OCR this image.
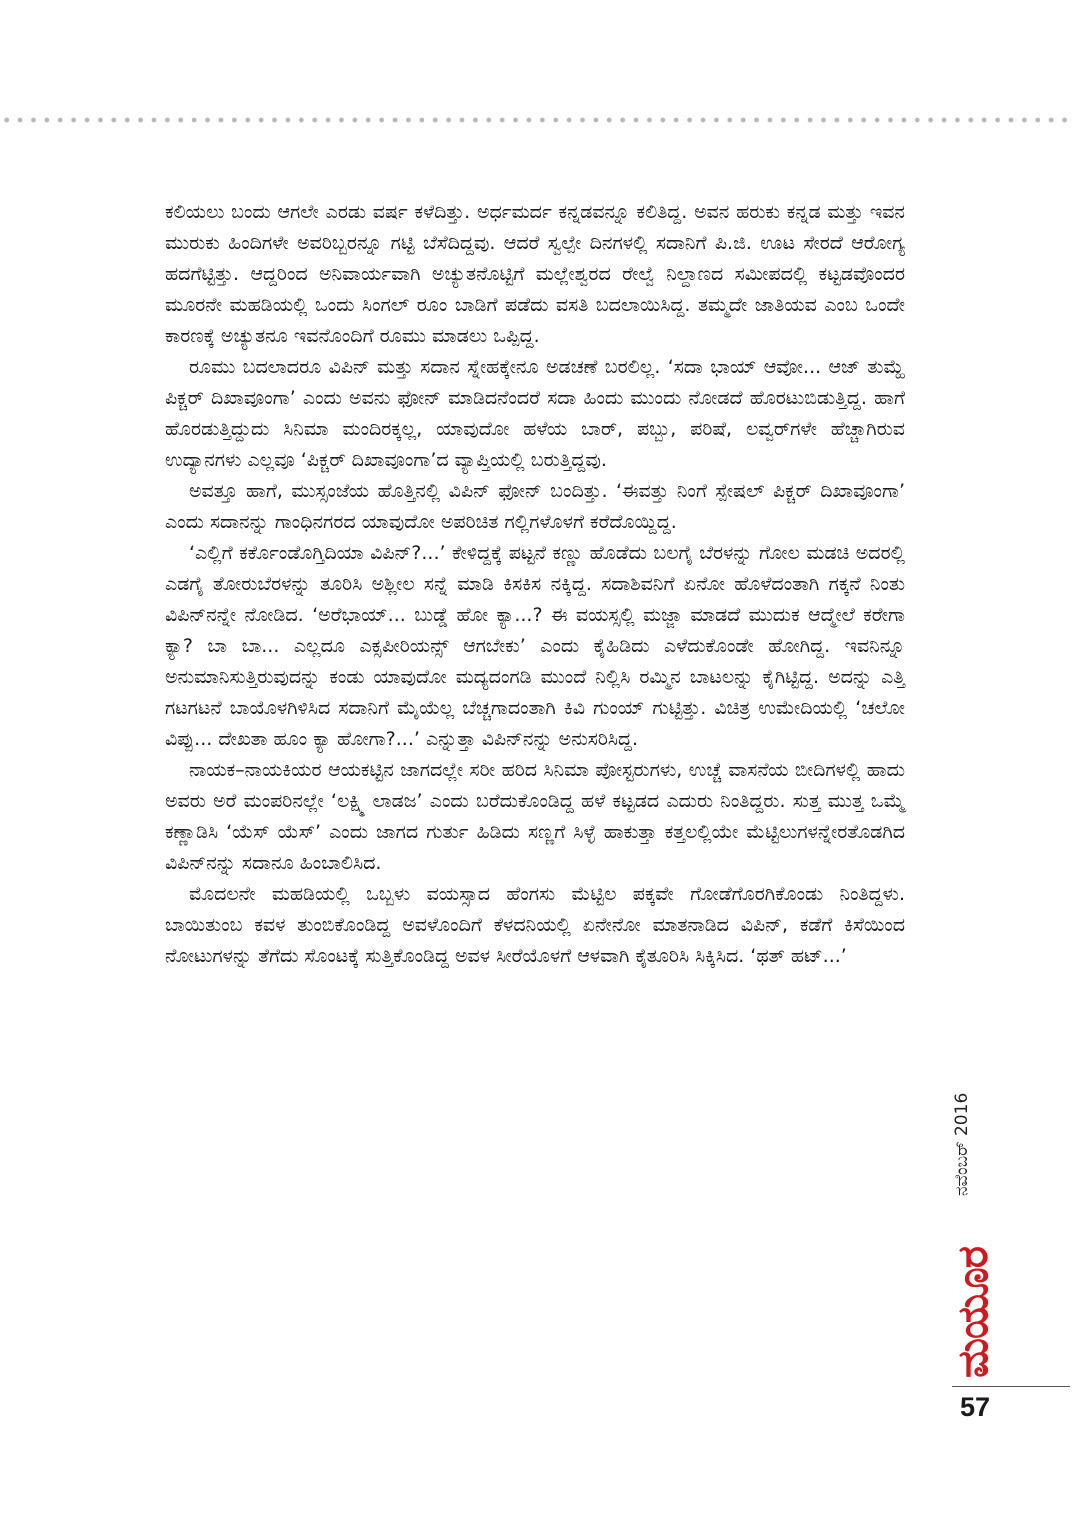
ಕಲಿಯಲು ಬಂದು ಆಗಲೇ ಎರಡು ವರ್ಷ ಕಳೆದಿತ್ತು. ಅರ್ಧಮರ್ದ ಕನ್ನಡವನ್ನೂ ಕಲಿತಿದ್ದ. ಅವನ ಹರುಕು ಕನ್ನಡ ಮತ್ತು ಇವನ ಮುರುಕು ಹಿಂದಿಗಳೇ ಅವರಿಬ್ಬರನ್ನೂ ಗಟ್ಟಿ ಬೆಸೆದಿದ್ದವು. ಆದರೆ ಸ್ವಲ್ಪೇ ದಿನಗಳಲ್ಲಿ ಸದಾನಿಗೆ ಪಿ.ಜಿ. ಊಟ ಸೇರದೆ ಆರೋಗ್ಯ ಹದಗೆಟ್ಟಿತ್ತು. ಆದ್ದರಿಂದ ಅನಿವಾರ್ಯವಾಗಿ ಅಚ್ಯುತನೊಟ್ಟಿಗೆ ಮಲ್ಲೇಶ್ವರದ ರೇಲ್ವೆ ನಿಲ್ದಾಣದ ಸಮೀಪದಲ್ಲಿ ಕಟ್ಟಡವೊಂದರ ಮೂರನೇ ಮಹಡಿಯಲ್ಲಿ ಒಂದು ಸಿಂಗಲ್ ರೂಂ ಬಾಡಿಗೆ ಪಡೆದು ವಸತಿ ಬದಲಾಯಿಸಿದ್ದ. ತಮ್ಮದೇ ಜಾತಿಯವ ಎಂಬ ಒಂದೇ ಕಾರಣಕ್ಕೆ ಅಚ್ಯುತನೂ ಇವನೊಂದಿಗೆ ರೂಮು ಮಾಡಲು ಒಪ್ಪಿದ್ದ.

ರೂಮು ಬದಲಾದರೂ ವಿಪಿನ್ ಮತ್ತು ಸದಾನ ಸ್ನೇಹಕ್ಕೇನೂ ಅಡಚಣೆ ಬರಲಿಲ್ಲ. ‘ಸದಾ ಭಾಯ್ ಆವೋ... ಆಜ್ ತುಮ್ಹೆ ಪಿಕ್ಚರ್ ದಿಖಾವೂಂಗಾ’ ಎಂದು ಅವನು ಫೋನ್ ಮಾಡಿದನೆಂದರೆ ಸದಾ ಹಿಂದು ಮುಂದು ನೋಡದೆ ಹೊರಟುಬಿಡುತ್ತಿದ್ದ. ಹಾಗೆ ಹೊರಡುತ್ತಿದ್ದುದು ಸಿನಿಮಾ ಮಂದಿರಕ್ಕಲ್ಲ, ಯಾವುದೋ ಹಳೆಯ ಬಾರ್, ಪಬ್ಬು, ಪರಿಷೆ, ಲವ್ವರ್‌ಗಳೇ ಹೆಚ್ಚಾಗಿರುವ ಉದ್ಯಾನಗಳು ಎಲ್ಲವೂ ‘ಪಿಕ್ಚರ್ ದಿಖಾವೂಂಗಾ’ದ ವ್ಯಾಪ್ತಿಯಲ್ಲಿ ಬರುತ್ತಿದ್ದವು.

ಅವತ್ತೂ ಹಾಗೆ, ಮುಸ್ಸಂಜೆಯ ಹೊತ್ತಿನಲ್ಲಿ ವಿಪಿನ್ ಫೋನ್ ಬಂದಿತ್ತು. ‘ಈವತ್ತು ನಿಂಗೆ ಸ್ಪೇಷಲ್ ಪಿಕ್ಚರ್ ದಿಖಾವೂಂಗಾ’ ಎಂದು ಸದಾನನ್ನು ಗಾಂಧಿನಗರದ ಯಾವುದೋ ಅಪರಿಚಿತ ಗಲ್ಲಿಗಳೊಳಗೆ ಕರೆದೊಯ್ದಿದ್ದ.

‘ಎಲ್ಲಿಗೆ ಕರ್ಕೊಂಡೊಗ್ತಿದಿಯಾ ವಿಪಿನ್?...’ ಕೇಳಿದ್ದಕ್ಕೆ ಪಟ್ಟನೆ ಕಣ್ಣು ಹೊಡೆದು ಬಲಗೈ ಬೆರಳನ್ನು ಗೋಲ ಮಡಚಿ ಅದರಲ್ಲಿ ಎಡಗೈ ತೋರುಬೆರಳನ್ನು ತೂರಿಸಿ ಅಶ್ಲೀಲ ಸನ್ನೆ ಮಾಡಿ ಕಿಸಕಿಸ ನಕ್ಕಿದ್ದ. ಸದಾಶಿವನಿಗೆ ಏನೋ ಹೊಳೆದಂತಾಗಿ ಗಕ್ಕನೆ ನಿಂತು ವಿಪಿನ್‌ನನ್ನೇ ನೋಡಿದ. ‘ಅರೆಭಾಯ್... ಬುಡ್ಡೆ ಹೋ ಕ್ಯಾ...? ಈ ವಯಸ್ಸಲ್ಲಿ ಮಜ್ಜಾ ಮಾಡದೆ ಮುದುಕ ಆದ್ಮೇಲೆ ಕರೇಗಾ ಕ್ಯಾ? ಬಾ ಬಾ... ಎಲ್ಲದೂ ಎಕ್ಸಪೀರಿಯನ್ಸ್ ಆಗಬೇಕು’ ಎಂದು ಕೈಹಿಡಿದು ಎಳೆದುಕೊಂಡೇ ಹೋಗಿದ್ದ. ಇವನಿನ್ನೂ ಅನುಮಾನಿಸುತ್ತಿರುವುದನ್ನು ಕಂಡು ಯಾವುದೋ ಮದ್ಯದಂಗಡಿ ಮುಂದೆ ನಿಲ್ಲಿಸಿ ರಮ್ಮಿನ ಬಾಟಲನ್ನು ಕೈಗಿಟ್ಟಿದ್ದ. ಅದನ್ನು ಎತ್ತಿ ಗಟಗಟನೆ ಬಾಯೊಳಗಿಳಿಸಿದ ಸದಾನಿಗೆ ಮೈಯೆಲ್ಲ ಬೆಚ್ಚಗಾದಂತಾಗಿ ಕಿವಿ ಗುಂಯ್ ಗುಟ್ಟಿತ್ತು. ವಿಚಿತ್ರ ಉಮೇದಿಯಲ್ಲಿ ‘ಚಲೋ ವಿಪ್ಪು... ದೇಖತಾ ಹೂಂ ಕ್ಯಾ ಹೋಗಾ?...’ ಎನ್ನುತ್ತಾ ವಿಪಿನ್‌ನನ್ನು ಅನುಸರಿಸಿದ್ದ.

ನಾಯಕ–ನಾಯಕಿಯರ ಆಯಕಟ್ಟಿನ ಜಾಗದಲ್ಲೇ ಸರೀ ಹರಿದ ಸಿನಿಮಾ ಪೋಸ್ಟರುಗಳು, ಉಚ್ಚೆ ವಾಸನೆಯ ಬೀದಿಗಳಲ್ಲಿ ಹಾದು ಅವರು ಅರೆ ಮಂಪರಿನಲ್ಲೇ ‘ಲಕ್ಷ್ಮಿ ಲಾಡಜ’ ಎಂದು ಬರೆದುಕೊಂಡಿದ್ದ ಹಳೆ ಕಟ್ಟಡದ ಎದುರು ನಿಂತಿದ್ದರು. ಸುತ್ತ ಮುತ್ತ ಒಮ್ಮೆ ಕಣ್ಣಾಡಿಸಿ ‘ಯೆಸ್ ಯೆಸ್’ ಎಂದು ಜಾಗದ ಗುರ್ತು ಹಿಡಿದು ಸಣ್ಣಗೆ ಸಿಳ್ಳೆ ಹಾಕುತ್ತಾ ಕತ್ತಲಲ್ಲಿಯೇ ಮೆಟ್ಟಿಲುಗಳನ್ನೇರತೊಡಗಿದ ವಿಪಿನ್‌ನನ್ನು ಸದಾನೂ ಹಿಂಬಾಲಿಸಿದ.

ಮೊದಲನೇ ಮಹಡಿಯಲ್ಲಿ ಒಬ್ಬಳು ವಯಸ್ಸಾದ ಹೆಂಗಸು ಮೆಟ್ಟಿಲ ಪಕ್ಕವೇ ಗೋಡೆಗೊರಗಿಕೊಂಡು ನಿಂತಿದ್ದಳು. ಬಾಯಿತುಂಬ ಕವಳ ತುಂಬಿಕೊಂಡಿದ್ದ ಅವಳೊಂದಿಗೆ ಕೆಳದನಿಯಲ್ಲಿ ಏನೇನೋ ಮಾತನಾಡಿದ ವಿಪಿನ್, ಕಡೆಗೆ ಕಿಸೆಯಿಂದ ನೋಟುಗಳನ್ನು ತೆಗೆದು ಸೊಂಟಕ್ಕೆ ಸುತ್ತಿಕೊಂಡಿದ್ದ ಅವಳ ಸೀರೆಯೊಳಗೆ ಆಳವಾಗಿ ಕೈತೂರಿಸಿ ಸಿಕ್ಕಿಸಿದ. ‘ಥತ್ ಹಟ್...’

ನವೆಂಬರ್ 2016
ಮಯೂರ
57
